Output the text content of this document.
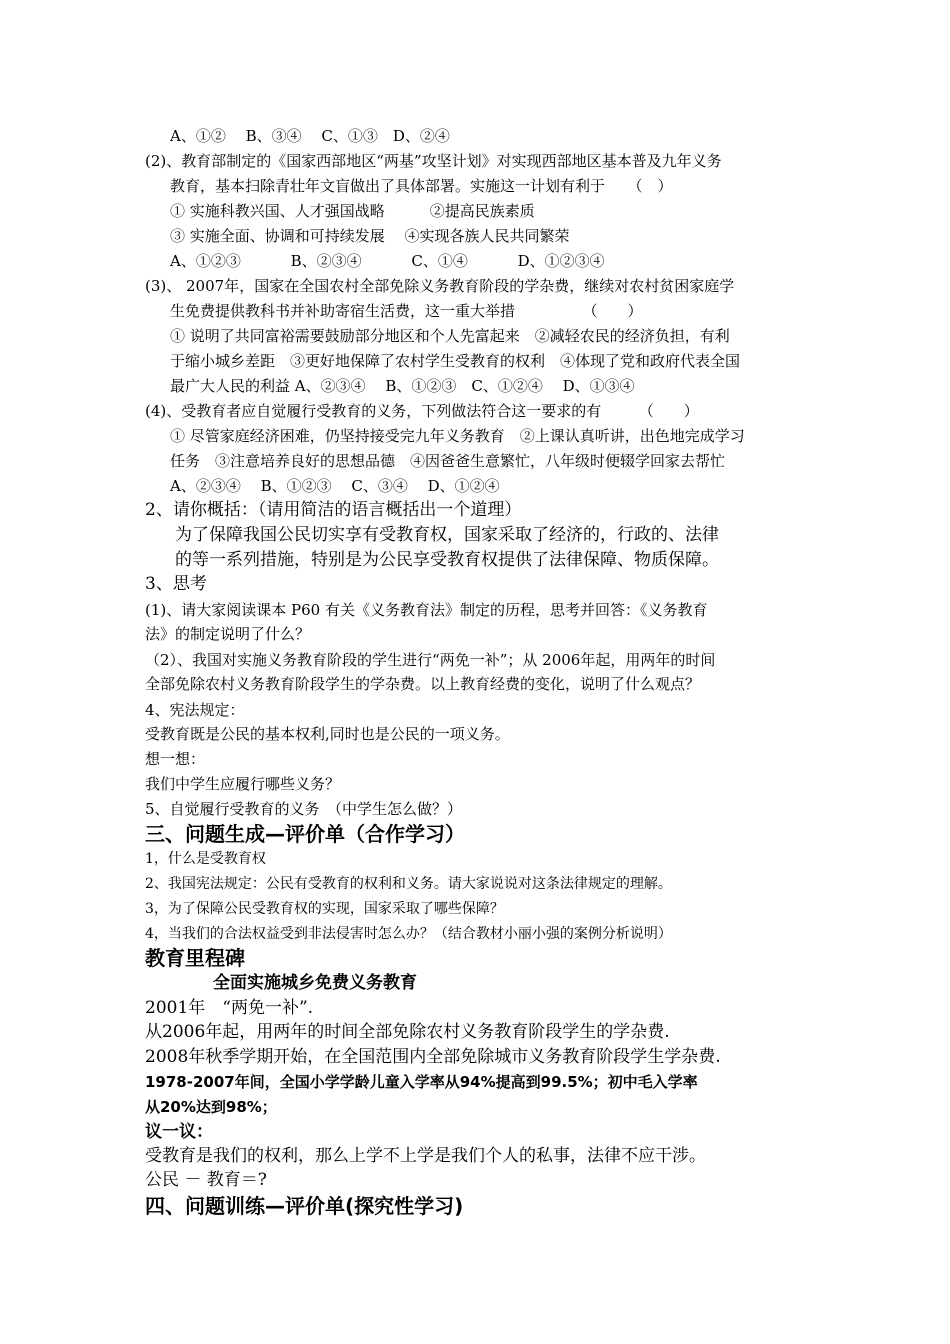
A、①②　 B、③④　 C、①③　D、②④
(2)、教育部制定的《国家西部地区“两基”攻坚计划》对实现西部地区基本普及九年义务
教育，基本扫除青壮年文盲做出了具体部署。实施这一计划有利于　　（　）
① 实施科教兴国、人才强国战略　　　②提高民族素质
③ 实施全面、协调和可持续发展　 ④实现各族人民共同繁荣
A、①②③　　　 B、②③④　　　 C、①④　　　 D、①②③④
(3)、 2007年，国家在全国农村全部免除义务教育阶段的学杂费，继续对农村贫困家庭学
生免费提供教科书并补助寄宿生活费，这一重大举措　　　　　（　　）
① 说明了共同富裕需要鼓励部分地区和个人先富起来　②减轻农民的经济负担，有利
于缩小城乡差距　③更好地保障了农村学生受教育的权利　④体现了党和政府代表全国
最广大人民的利益 A、②③④　 B、①②③　C、①②④　 D、①③④
(4)、受教育者应自觉履行受教育的义务，下列做法符合这一要求的有　　　（　　）
① 尽管家庭经济困难，仍坚持接受完九年义务教育　②上课认真听讲，出色地完成学习
任务　③注意培养良好的思想品德　④因爸爸生意繁忙，八年级时便辍学回家去帮忙
A、②③④　 B、①②③　 C、③④　 D、①②④
2、请你概括：（请用简洁的语言概括出一个道理）
为了保障我国公民切实享有受教育权，国家采取了经济的，行政的、法律
的等一系列措施，特别是为公民享受教育权提供了法律保障、物质保障。
3、思考
(1)、请大家阅读课本 P60 有关《义务教育法》制定的历程，思考并回答：《义务教育
法》的制定说明了什么？
（2）、我国对实施义务教育阶段的学生进行“两免一补”；从 2006年起，用两年的时间
全部免除农村义务教育阶段学生的学杂费。以上教育经费的变化，说明了什么观点？
4、宪法规定：
受教育既是公民的基本权利,同时也是公民的一项义务。
想一想：
我们中学生应履行哪些义务？
5、自觉履行受教育的义务　（中学生怎么做？）
三、问题生成—评价单（合作学习）
1，什么是受教育权
2、我国宪法规定：公民有受教育的权利和义务。请大家说说对这条法律规定的理解。
3，为了保障公民受教育权的实现，国家采取了哪些保障？
4，当我们的合法权益受到非法侵害时怎么办？（结合教材小丽小强的案例分析说明）
教育里程碑
全面实施城乡免费义务教育
2001年　“两免一补”.
从2006年起，用两年的时间全部免除农村义务教育阶段学生的学杂费.
2008年秋季学期开始，在全国范围内全部免除城市义务教育阶段学生学杂费.
1978-2007年间，全国小学学龄儿童入学率从94%提高到99.5%；初中毛入学率
从20%达到98%；
议一议：
受教育是我们的权利，那么上学不上学是我们个人的私事，法律不应干涉。
公民 － 教育＝?
四、问题训练—评价单(探究性学习)
